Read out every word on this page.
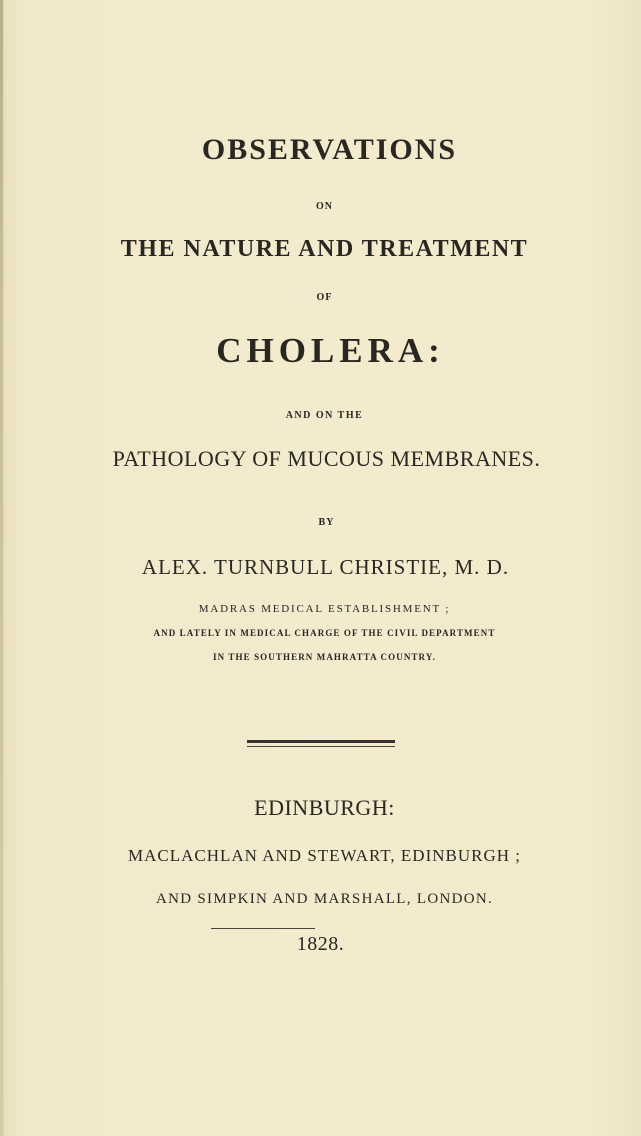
OBSERVATIONS

ON

THE NATURE AND TREATMENT

OF

CHOLERA:

AND ON THE

PATHOLOGY OF MUCOUS MEMBRANES.

BY

ALEX. TURNBULL CHRISTIE, M. D.

MADRAS MEDICAL ESTABLISHMENT ;

AND LATELY IN MEDICAL CHARGE OF THE CIVIL DEPARTMENT

IN THE SOUTHERN MAHRATTA COUNTRY.

EDINBURGH:

MACLACHLAN AND STEWART, EDINBURGH ;

AND SIMPKIN AND MARSHALL, LONDON.

1828.
